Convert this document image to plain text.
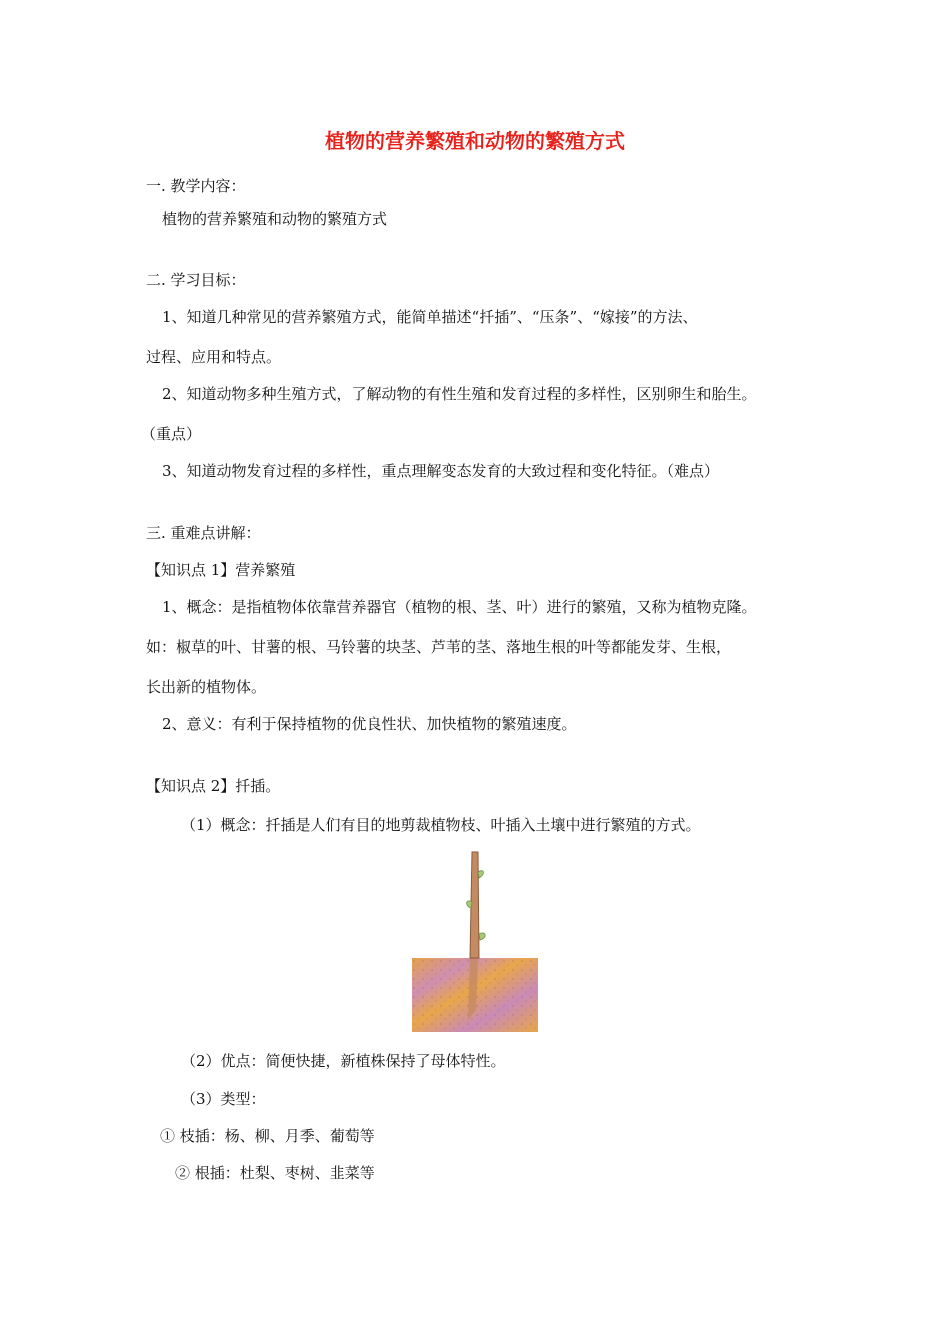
植物的营养繁殖和动物的繁殖方式
一. 教学内容：
植物的营养繁殖和动物的繁殖方式
二. 学习目标：
1、知道几种常见的营养繁殖方式，能简单描述“扦插”、“压条”、“嫁接”的方法、
过程、应用和特点。
2、知道动物多种生殖方式，了解动物的有性生殖和发育过程的多样性，区别卵生和胎生。
（重点）
3、知道动物发育过程的多样性，重点理解变态发育的大致过程和变化特征。（难点）
三. 重难点讲解：
【知识点 1】营养繁殖
1、概念：是指植物体依靠营养器官（植物的根、茎、叶）进行的繁殖，又称为植物克隆。
如：椒草的叶、甘薯的根、马铃薯的块茎、芦苇的茎、落地生根的叶等都能发芽、生根，
长出新的植物体。
2、意义：有利于保持植物的优良性状、加快植物的繁殖速度。
【知识点 2】扦插。
（1）概念：扦插是人们有目的地剪裁植物枝、叶插入土壤中进行繁殖的方式。
（2）优点：简便快捷，新植株保持了母体特性。
（3）类型：
① 枝插：杨、柳、月季、葡萄等
② 根插：杜梨、枣树、韭菜等
